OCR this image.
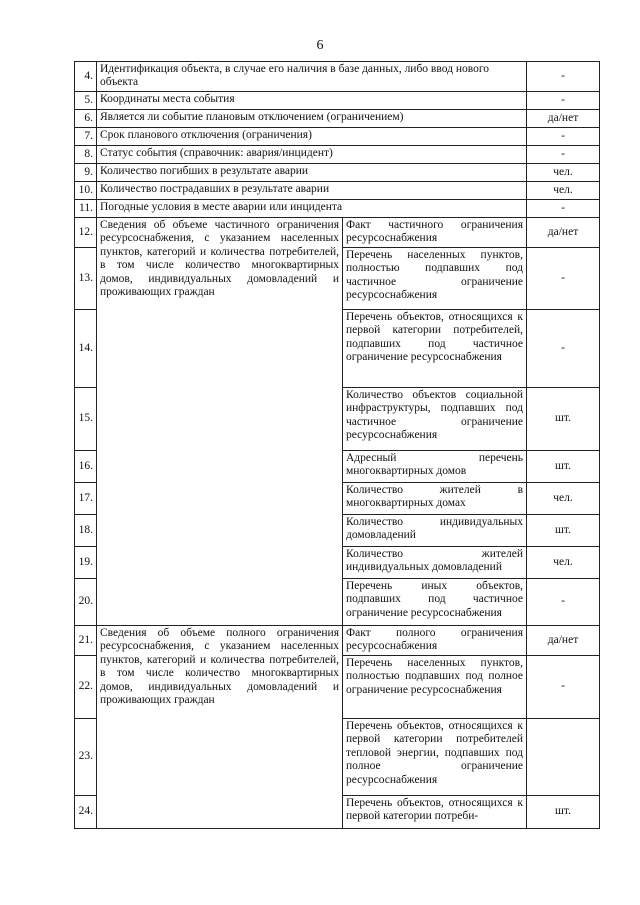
6
4.	Идентификация объекта, в случае его наличия в базе данных, либо ввод нового объекта		-
5.	Координаты места события		-
6.	Является ли событие плановым отключением (ограничением)		да/нет
7.	Срок планового отключения (ограничения)		-
8.	Статус события (справочник: авария/инцидент)		-
9.	Количество погибших в результате аварии		чел.
10.	Количество пострадавших в результате аварии		чел.
11.	Погодные условия в месте аварии или инцидента		-
12.	Сведения об объеме частичного ограничения ресурсоснабжения, с указанием населенных пунктов, категорий и количества потребителей, в том числе количество многоквартирных домов, индивидуальных домовладений и проживающих граждан	Факт частичного ограничения ресурсоснабжения	да/нет
13.		Перечень населенных пунктов, полностью подпавших под частичное ограничение ресурсоснабжения	-
14.		Перечень объектов, относящихся к первой категории потребителей, подпавших под частичное ограничение ресурсоснабжения	-
15.		Количество объектов социальной инфраструктуры, подпавших под частичное ограничение ресурсоснабжения	шт.
16.		Адресный перечень многоквартирных домов	шт.
17.		Количество жителей в многоквартирных домах	чел.
18.		Количество индивидуальных домовладений	шт.
19.		Количество жителей индивидуальных домовладений	чел.
20.		Перечень иных объектов, подпавших под частичное ограничение ресурсоснабжения	-
21.	Сведения об объеме полного ограничения ресурсоснабжения, с указанием населенных пунктов, категорий и количества потребителей, в том числе количество многоквартирных домов, индивидуальных домовладений и проживающих граждан	Факт полного ограничения ресурсоснабжения	да/нет
22.		Перечень населенных пунктов, полностью подпавших под полное ограничение ресурсоснабжения	-
23.		Перечень объектов, относящихся к первой категории потребителей тепловой энергии, подпавших под полное ограничение ресурсоснабжения	
24.		Перечень объектов, относящихся к первой категории потреби-	шт.
